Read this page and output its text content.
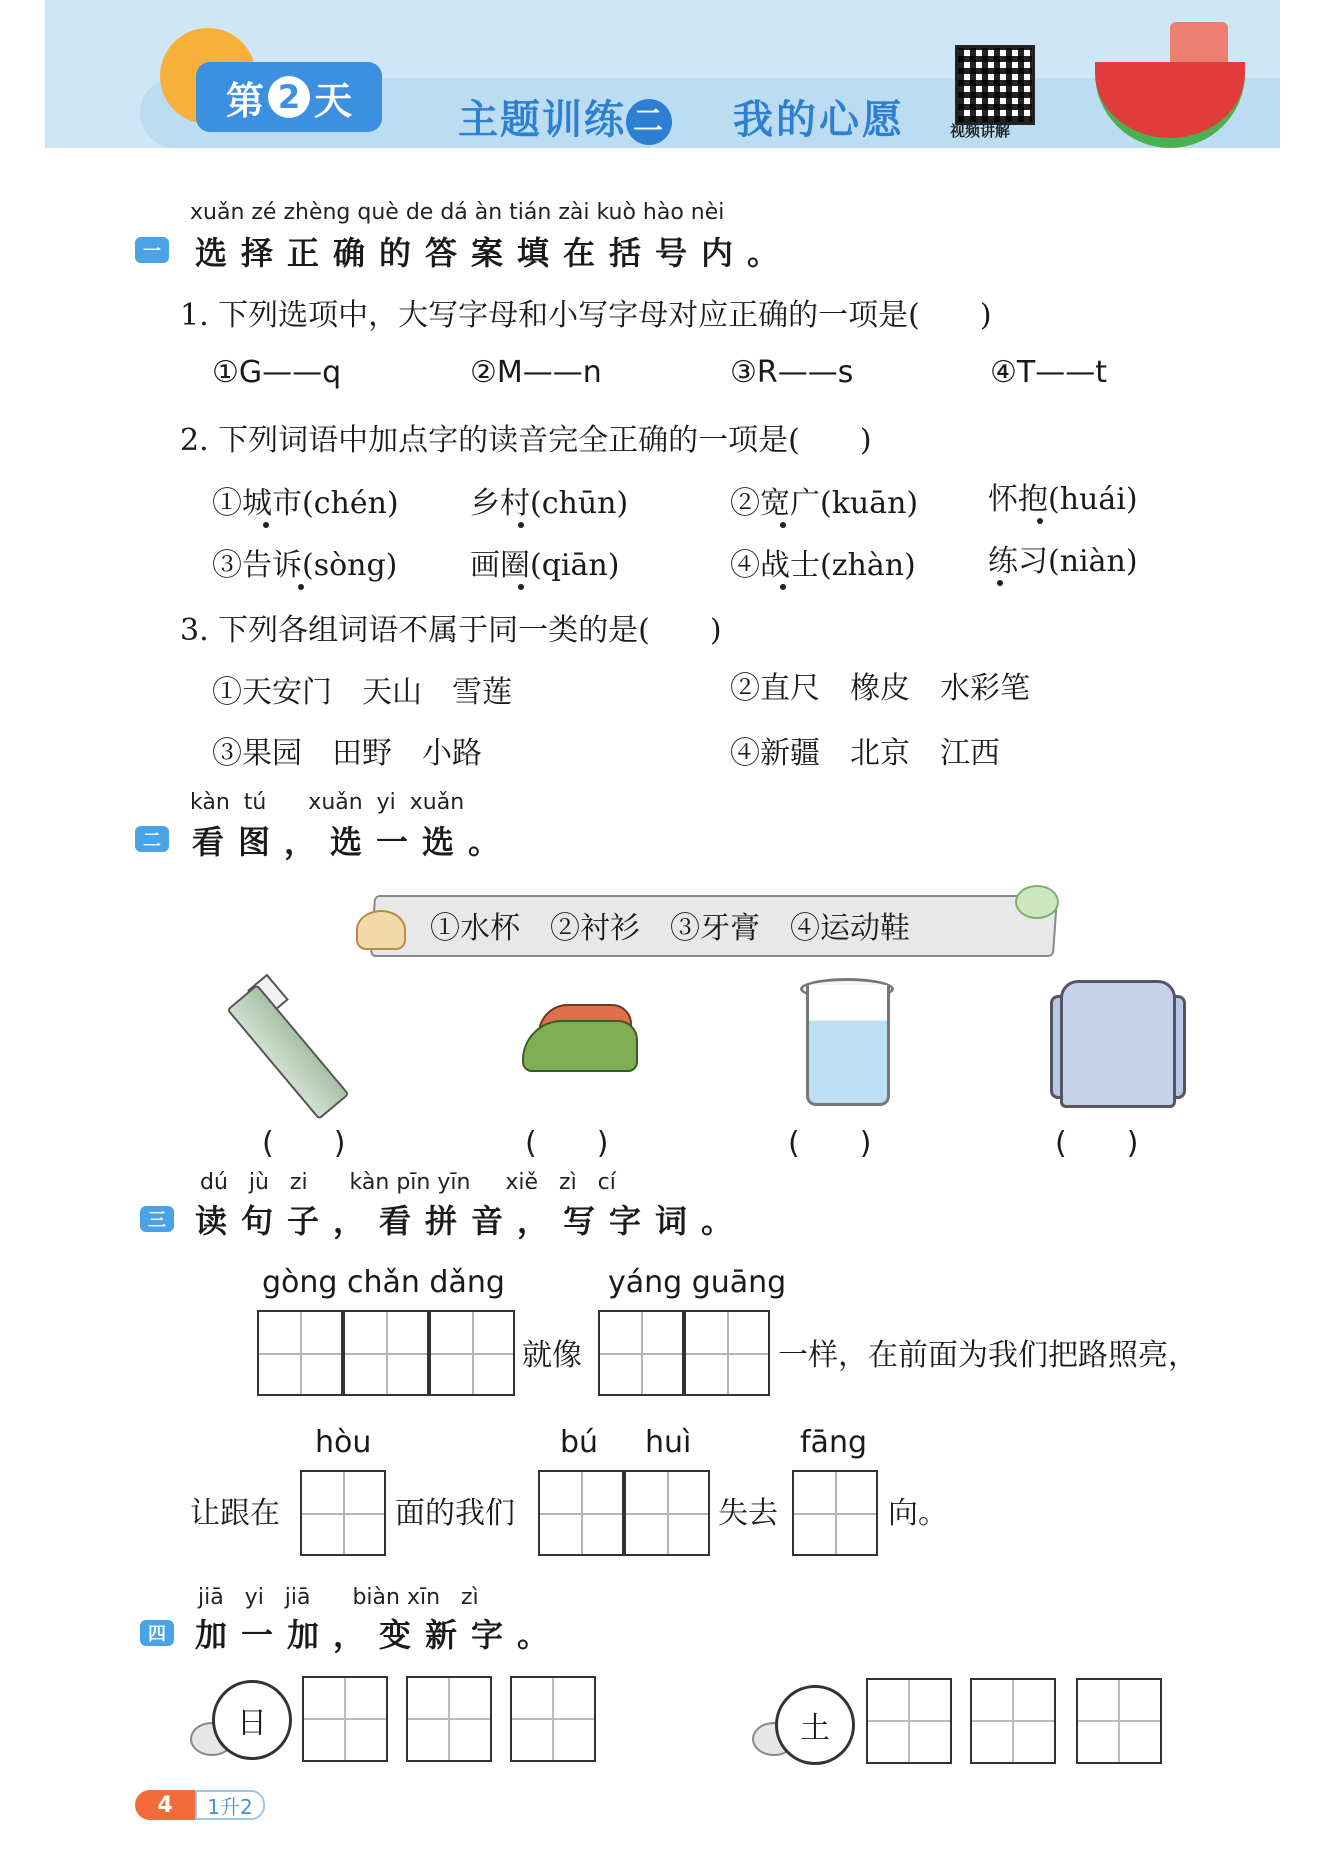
第 2 天	主题训练 二 我的心愿	视频讲解
xuǎn zé zhèng què de dá àn tián zài kuò hào nèi
一 选择正确的答案填在括号内。
1. 下列选项中，大写字母和小写字母对应正确的一项是(　　)
①G——q	②M——n	③R——s	④T——t
2. 下列词语中加点字的读音完全正确的一项是(　　)
①城市(chén) 乡村(chūn)	②宽广(kuān) 怀抱(huái)
③告诉(sòng) 画圈(qiān)	④战士(zhàn) 练习(niàn)
3. 下列各组词语不属于同一类的是(　　)
①天安门　天山　雪莲	②直尺　橡皮　水彩笔
③果园　田野　小路	④新疆　北京　江西
kàn  tú      xuǎn  yi  xuǎn
二 看图，选一选。
①水杯　②衬衫　③牙膏　④运动鞋
(　　)	(　　)	(　　)	(　　)
dú   jù   zi      kàn pīn yīn     xiě   zì   cí
三 读句子，看拼音，写字词。
gòng chǎn dǎng
就像
yáng guāng
一样，在前面为我们把路照亮，
让跟在
hòu
面的我们
bú huì
失去
fāng
向。
jiā   yi   jiā      biàn xīn   zì
四 加一加，变新字。
日	土
4	1升2
